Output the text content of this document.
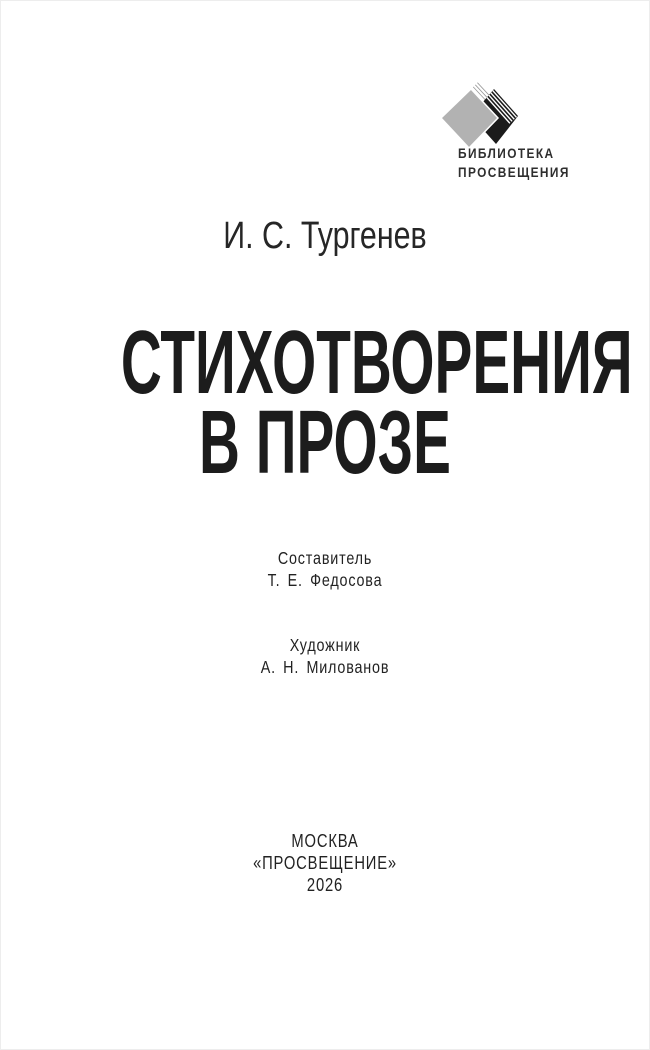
БИБЛИОТЕКА
ПРОСВЕЩЕНИЯ
И. С. Тургенев
СТИХОТВОРЕНИЯ
В ПРОЗЕ
Составитель
Т. Е. Федосова
Художник
А. Н. Милованов
МОСКВА
«ПРОСВЕЩЕНИЕ»
2026
